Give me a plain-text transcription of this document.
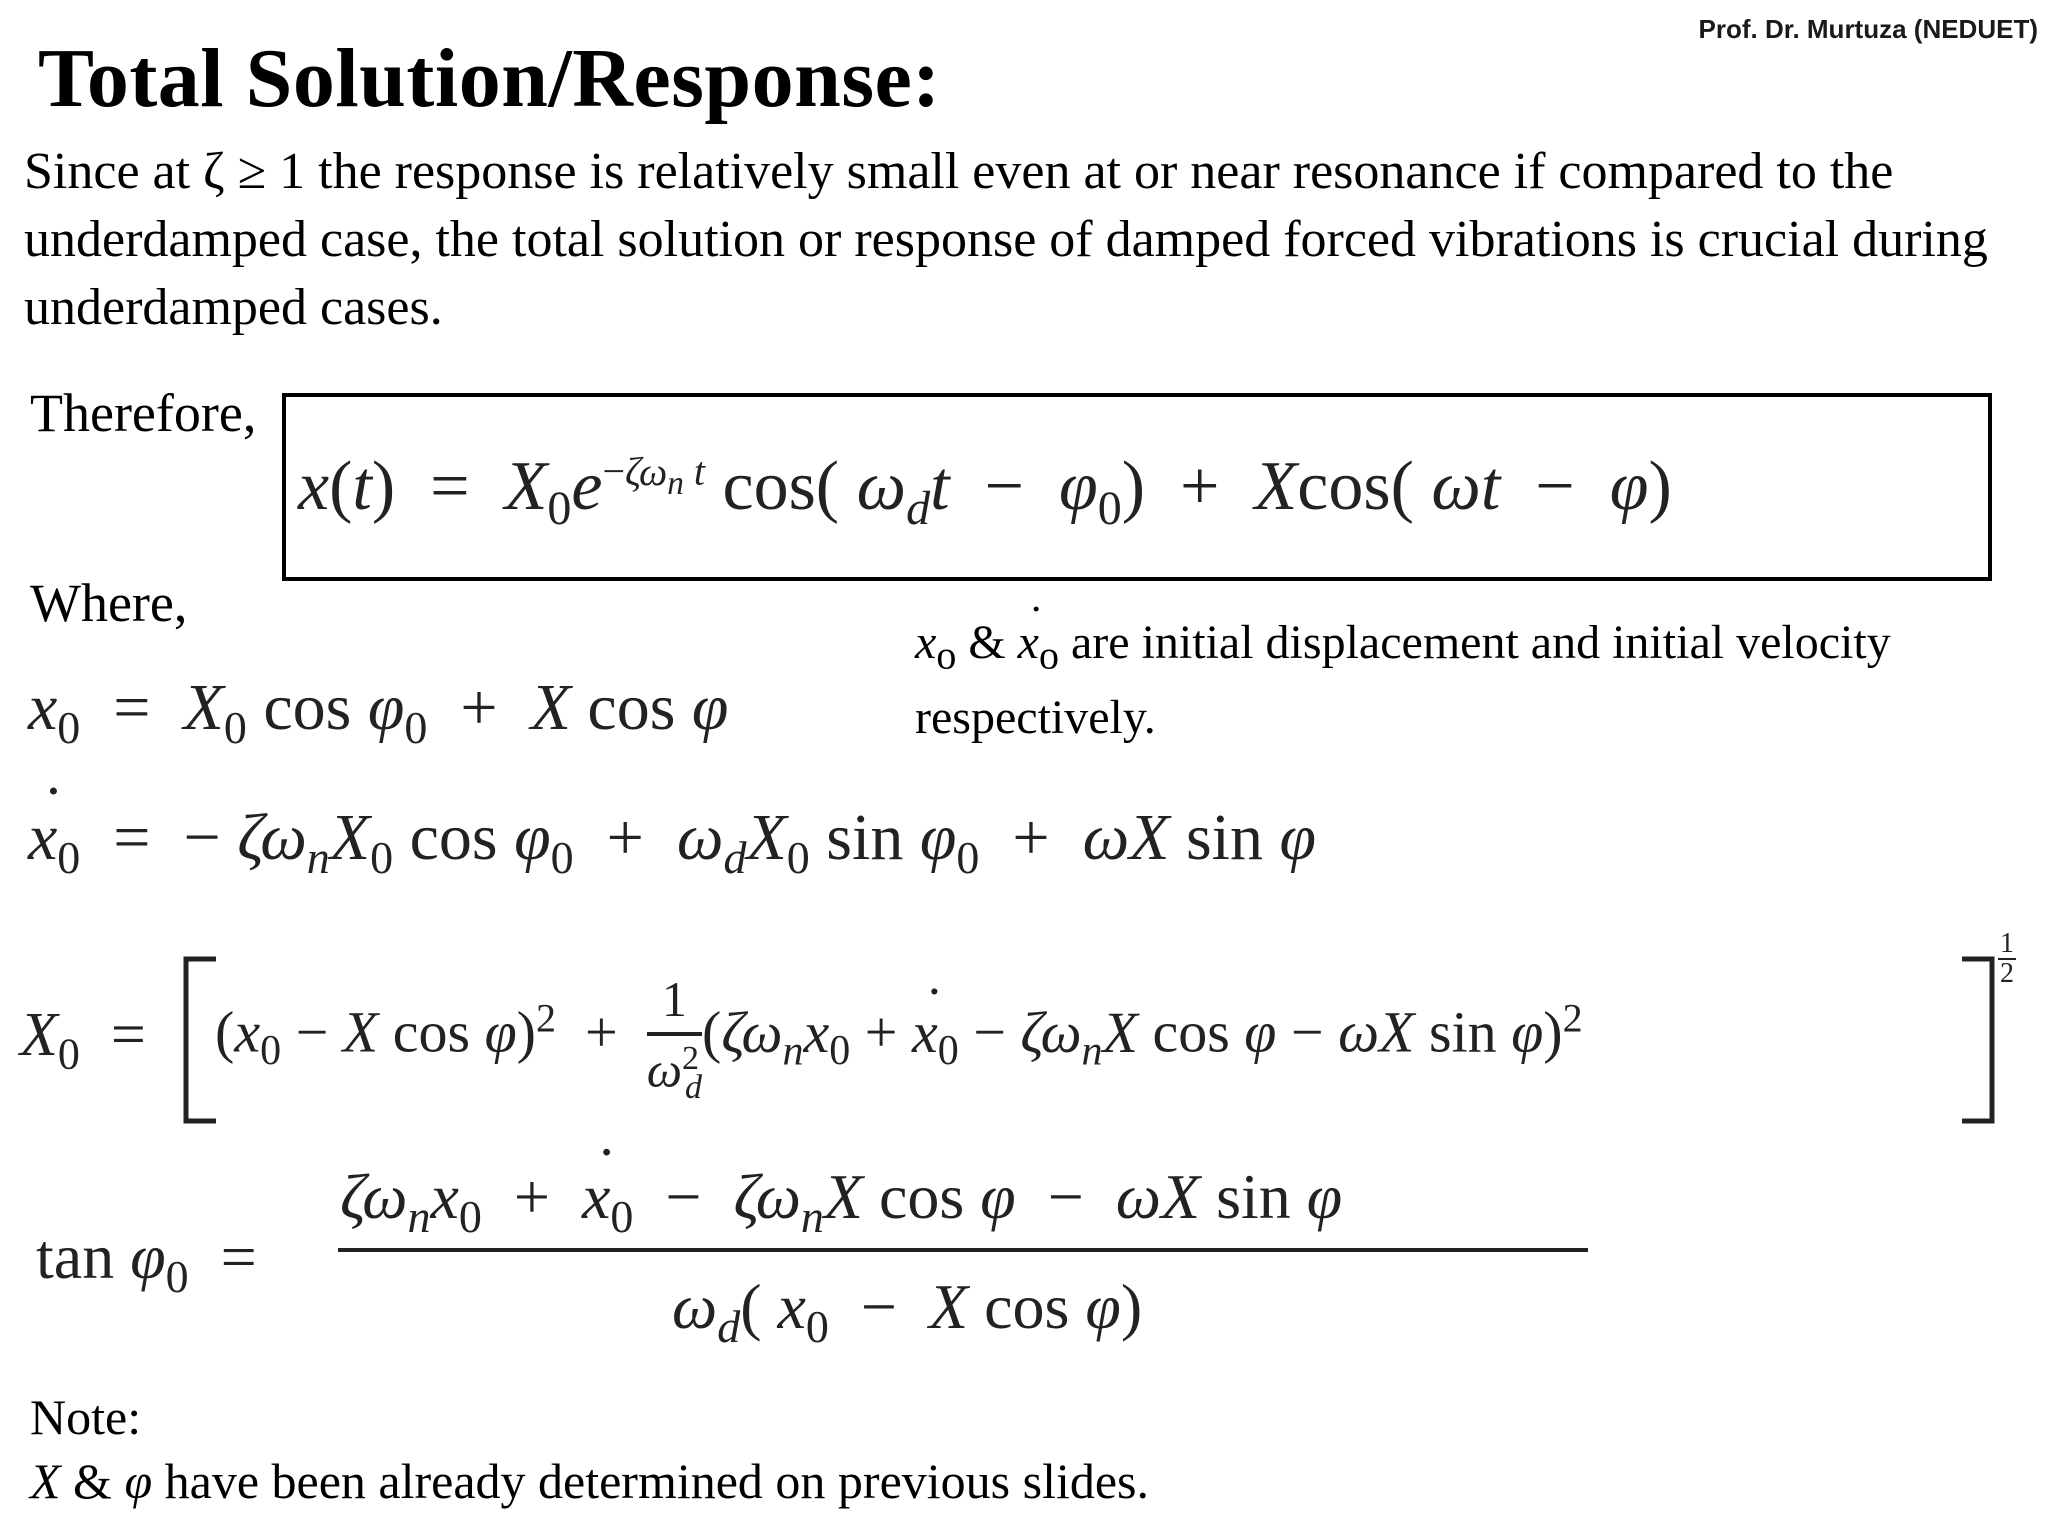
Prof. Dr. Murtuza (NEDUET)
Total Solution/Response:
Since at ζ ≥ 1 the response is relatively small even at or near resonance if compared to the underdamped case, the total solution or response of damped forced vibrations is crucial during underdamped cases.
Therefore,
$x(t) = X_0e^{-\zeta\omega_n t}$ cos( $\omega_dt - \varphi_0) + Xcos$( ωt  −  φ)
Where,
$x_o$ & x $˙_o$ are initial displacement and initial velocity respectively.
$x_0 = X_0$ $\cos \varphi_0 + X$ cos φ
x $˙_0$  =  − $\zeta\omega_nX_0$ $\cos \varphi_0 + \omega_dX_0$ $\sin \varphi_0 + \omega X$ sin φ
$X_0 = (x_0 - X$ $\cos \varphi)^2 + \frac{1}{\omega^2_d} (\zeta\omega_nx_0 + x$ $˙_0 - \zeta\omega_nX$ cos φ − ωX sin φ)$^2$
1
2
$\tan \varphi_0$  =
$\zeta\omega_nx_0 + x$ $˙_0 - \zeta\omega_nX$ cos φ  −  ωX sin φ
$\omega_d$( $x_0 - X$ cos φ)
Note:
X & φ have been already determined on previous slides.
